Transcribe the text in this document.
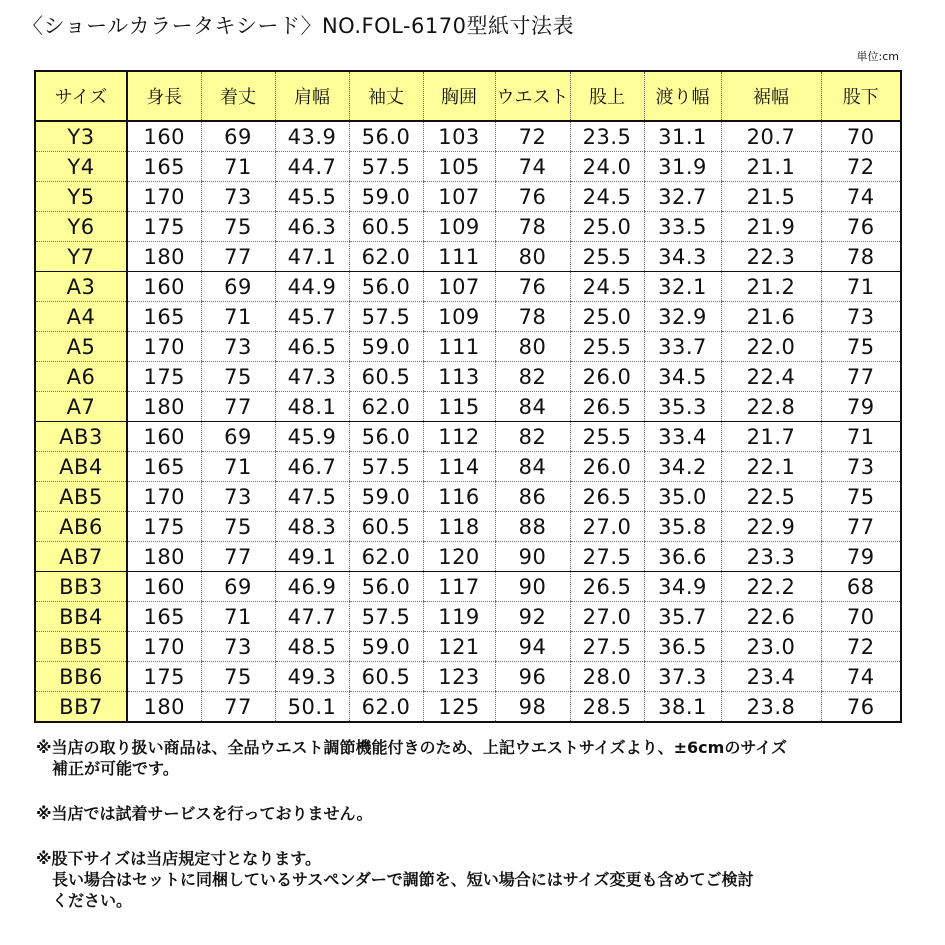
〈ショールカラータキシード〉NO.FOL-6170型紙寸法表
単位:cm
サイズ	身長	着丈	肩幅	袖丈	胸囲	ウエスト	股上	渡り幅	裾幅	股下
Y3	160	69	43.9	56.0	103	72	23.5	31.1	20.7	70
Y4	165	71	44.7	57.5	105	74	24.0	31.9	21.1	72
Y5	170	73	45.5	59.0	107	76	24.5	32.7	21.5	74
Y6	175	75	46.3	60.5	109	78	25.0	33.5	21.9	76
Y7	180	77	47.1	62.0	111	80	25.5	34.3	22.3	78
A3	160	69	44.9	56.0	107	76	24.5	32.1	21.2	71
A4	165	71	45.7	57.5	109	78	25.0	32.9	21.6	73
A5	170	73	46.5	59.0	111	80	25.5	33.7	22.0	75
A6	175	75	47.3	60.5	113	82	26.0	34.5	22.4	77
A7	180	77	48.1	62.0	115	84	26.5	35.3	22.8	79
AB3	160	69	45.9	56.0	112	82	25.5	33.4	21.7	71
AB4	165	71	46.7	57.5	114	84	26.0	34.2	22.1	73
AB5	170	73	47.5	59.0	116	86	26.5	35.0	22.5	75
AB6	175	75	48.3	60.5	118	88	27.0	35.8	22.9	77
AB7	180	77	49.1	62.0	120	90	27.5	36.6	23.3	79
BB3	160	69	46.9	56.0	117	90	26.5	34.9	22.2	68
BB4	165	71	47.7	57.5	119	92	27.0	35.7	22.6	70
BB5	170	73	48.5	59.0	121	94	27.5	36.5	23.0	72
BB6	175	75	49.3	60.5	123	96	28.0	37.3	23.4	74
BB7	180	77	50.1	62.0	125	98	28.5	38.1	23.8	76

※当店の取り扱い商品は、全品ウエスト調節機能付きのため、上記ウエストサイズより、±6cmのサイズ
補正が可能です。

※当店では試着サービスを行っておりません。

※股下サイズは当店規定寸となります。
長い場合はセットに同梱しているサスペンダーで調節を、短い場合にはサイズ変更も含めてご検討
ください。
